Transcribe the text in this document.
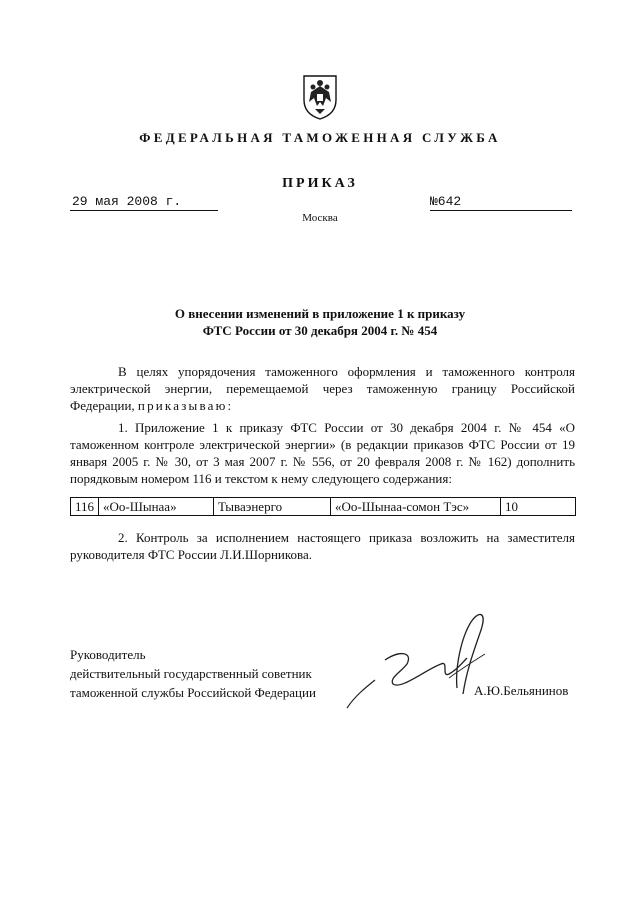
ФЕДЕРАЛЬНАЯ ТАМОЖЕННАЯ СЛУЖБА
ПРИКАЗ
29 мая 2008 г.	№642
Москва
О внесении изменений в приложение 1 к приказу
ФТС России от 30 декабря 2004 г. № 454
В целях упорядочения таможенного оформления и таможенного контроля электрической энергии, перемещаемой через таможенную границу Российской Федерации, приказываю:
1. Приложение 1 к приказу ФТС России от 30 декабря 2004 г. № 454 «О таможенном контроле электрической энергии» (в редакции приказов ФТС России от 19 января 2005 г. № 30, от 3 мая 2007 г. № 556, от 20 февраля 2008 г. № 162) дополнить порядковым номером 116 и текстом к нему следующего содержания:
116	«Оо-Шынаа»	Тываэнерго	«Оо-Шынаа-сомон Тэс»	10
2. Контроль за исполнением настоящего приказа возложить на заместителя руководителя ФТС России Л.И.Шорникова.
Руководитель
действительный государственный советник
таможенной службы Российской Федерации	А.Ю.Бельянинов
